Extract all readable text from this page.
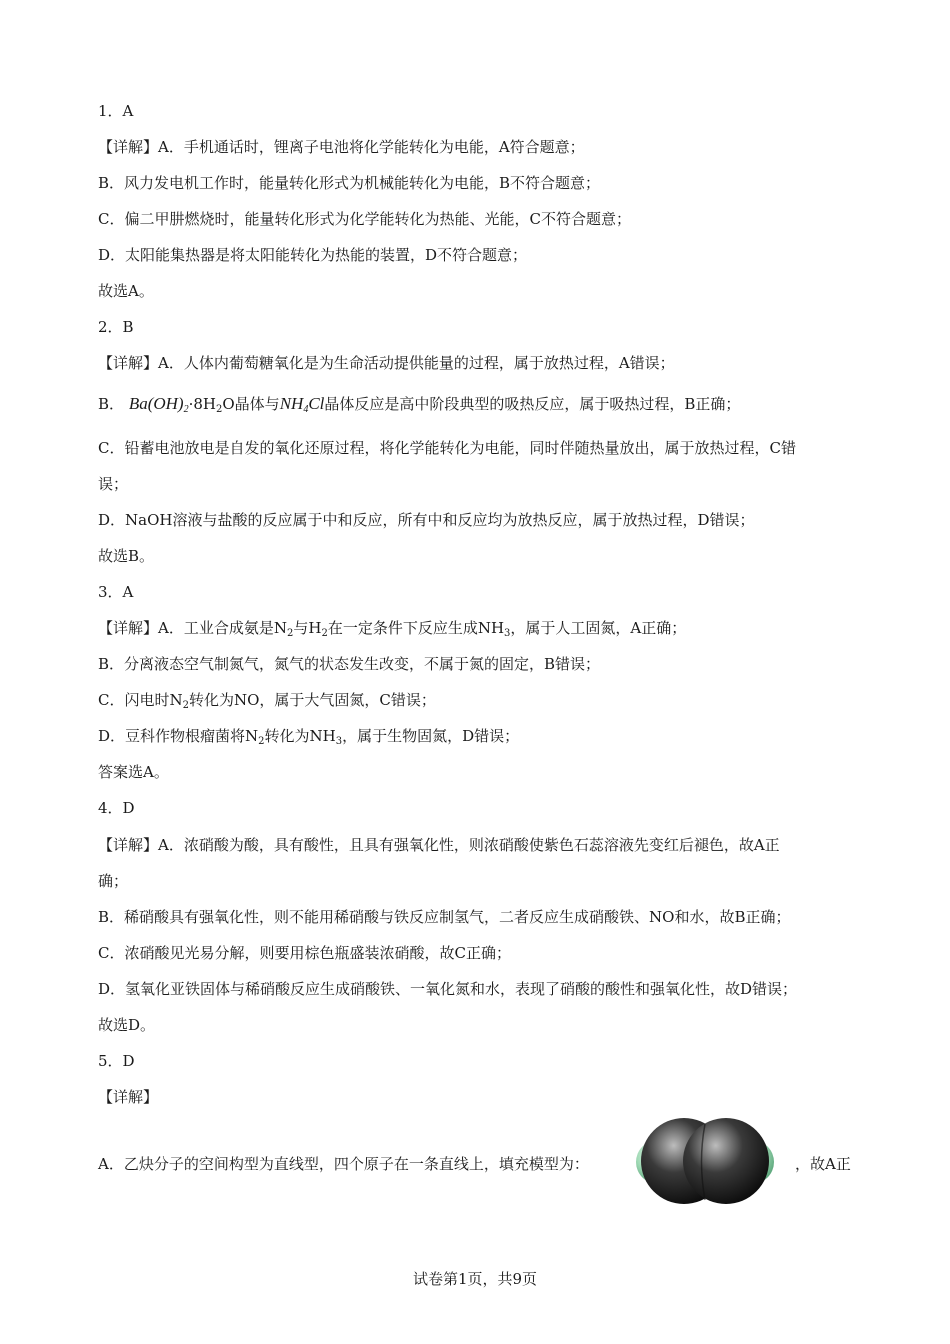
1．A
【详解】A．手机通话时，锂离子电池将化学能转化为电能，A符合题意；
B．风力发电机工作时，能量转化形式为机械能转化为电能，B不符合题意；
C．偏二甲肼燃烧时，能量转化形式为化学能转化为热能、光能，C不符合题意；
D．太阳能集热器是将太阳能转化为热能的装置，D不符合题意；
故选A。
2．B
【详解】A．人体内葡萄糖氧化是为生命活动提供能量的过程，属于放热过程，A错误；
B． $Ba(OH)_2\cdot 8H_2O$晶体与$NH_4Cl$晶体反应是高中阶段典型的吸热反应，属于吸热过程，B正确；
C．铅蓄电池放电是自发的氧化还原过程，将化学能转化为电能，同时伴随热量放出，属于放热过程，C错
误；
D．NaOH溶液与盐酸的反应属于中和反应，所有中和反应均为放热反应，属于放热过程，D错误；
故选B。
3．A
【详解】A．工业合成氨是$N_2$与$H_2$在一定条件下反应生成$NH_3$，属于人工固氮，A正确；
B．分离液态空气制氮气，氮气的状态发生改变，不属于氮的固定，B错误；
C．闪电时$N_2$转化为NO，属于大气固氮，C错误；
D．豆科作物根瘤菌将$N_2$转化为$NH_3$，属于生物固氮，D错误；
答案选A。
4．D
【详解】A．浓硝酸为酸，具有酸性，且具有强氧化性，则浓硝酸使紫色石蕊溶液先变红后褪色，故A正
确；
B．稀硝酸具有强氧化性，则不能用稀硝酸与铁反应制氢气，二者反应生成硝酸铁、NO和水，故B正确；
C．浓硝酸见光易分解，则要用棕色瓶盛装浓硝酸，故C正确；
D．氢氧化亚铁固体与稀硝酸反应生成硝酸铁、一氧化氮和水，表现了硝酸的酸性和强氧化性，故D错误；
故选D。
5．D
【详解】
A．乙炔分子的空间构型为直线型，四个原子在一条直线上，填充模型为：	，故A正
试卷第1页，共9页
